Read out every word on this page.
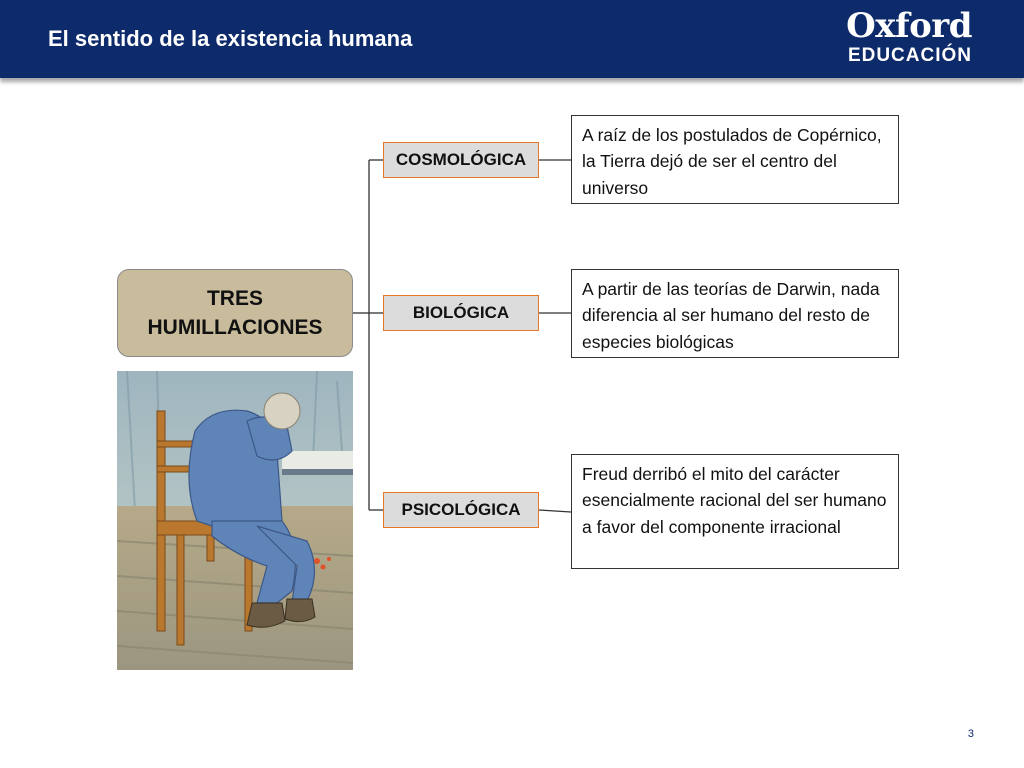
El sentido de la existencia humana	Oxford
EDUCACIÓN
TRES
HUMILLACIONES
COSMOLÓGICA
BIOLÓGICA
PSICOLÓGICA
A raíz de los postulados de Copérnico, la Tierra dejó de ser el centro del universo
A partir de las teorías de Darwin, nada diferencia al ser humano del resto de especies biológicas
Freud derribó el mito del carácter esencialmente racional del ser humano a favor del componente irracional
3
